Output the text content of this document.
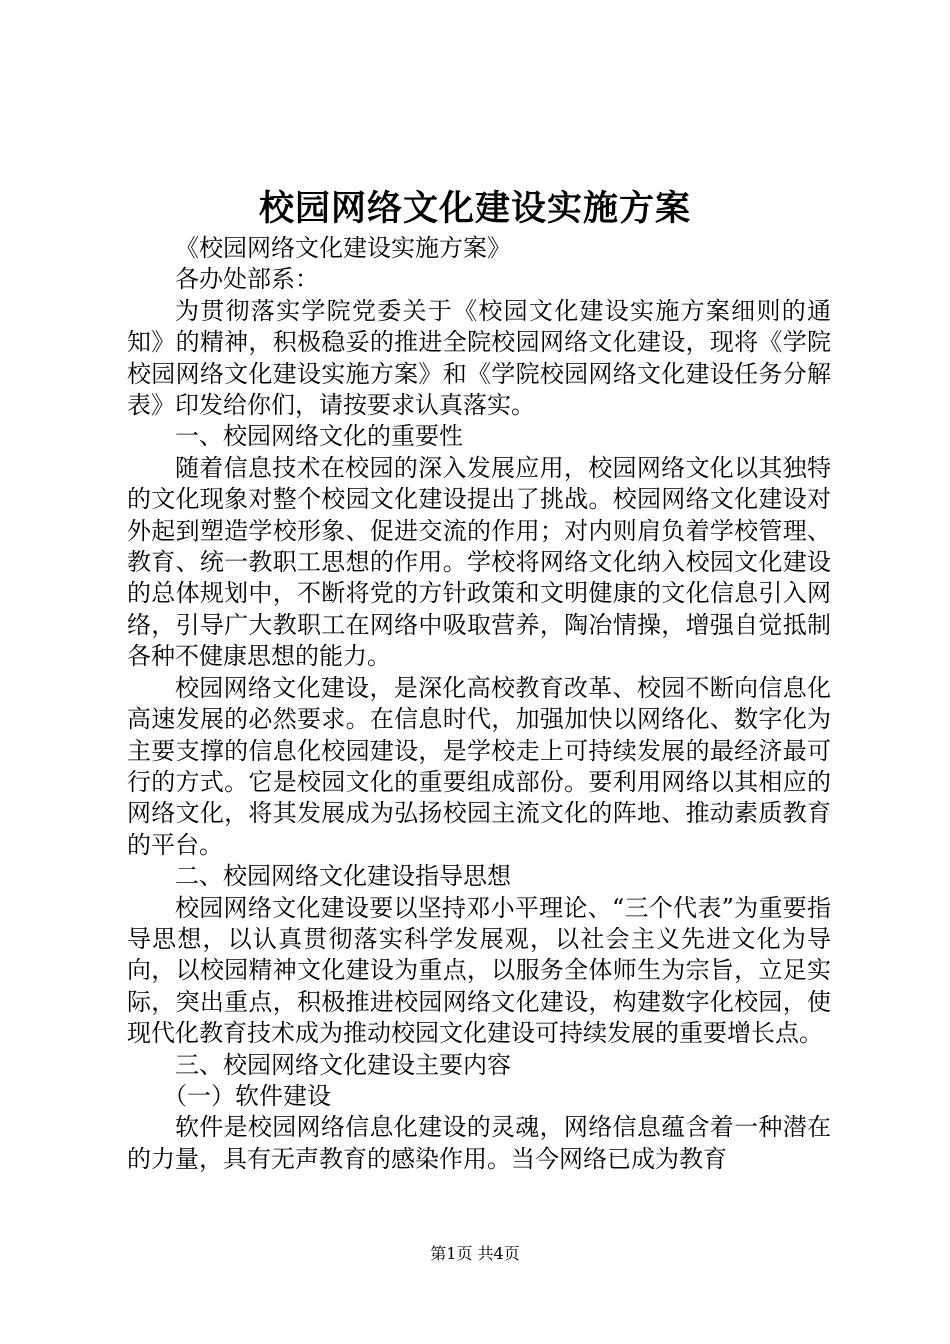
校园网络文化建设实施方案

《校园网络文化建设实施方案》

各办处部系：

为贯彻落实学院党委关于《校园文化建设实施方案细则的通知》的精神，积极稳妥的推进全院校园网络文化建设，现将《学院校园网络文化建设实施方案》和《学院校园网络文化建设任务分解表》印发给你们，请按要求认真落实。

一、校园网络文化的重要性

随着信息技术在校园的深入发展应用，校园网络文化以其独特的文化现象对整个校园文化建设提出了挑战。校园网络文化建设对外起到塑造学校形象、促进交流的作用；对内则肩负着学校管理、教育、统一教职工思想的作用。学校将网络文化纳入校园文化建设的总体规划中，不断将党的方针政策和文明健康的文化信息引入网络，引导广大教职工在网络中吸取营养，陶冶情操，增强自觉抵制各种不健康思想的能力。

校园网络文化建设，是深化高校教育改革、校园不断向信息化高速发展的必然要求。在信息时代，加强加快以网络化、数字化为主要支撑的信息化校园建设，是学校走上可持续发展的最经济最可行的方式。它是校园文化的重要组成部份。要利用网络以其相应的网络文化，将其发展成为弘扬校园主流文化的阵地、推动素质教育的平台。

二、校园网络文化建设指导思想

校园网络文化建设要以坚持邓小平理论、“三个代表”为重要指导思想，以认真贯彻落实科学发展观，以社会主义先进文化为导向，以校园精神文化建设为重点，以服务全体师生为宗旨，立足实际，突出重点，积极推进校园网络文化建设，构建数字化校园，使现代化教育技术成为推动校园文化建设可持续发展的重要增长点。

三、校园网络文化建设主要内容

（一）软件建设

软件是校园网络信息化建设的灵魂，网络信息蕴含着一种潜在的力量，具有无声教育的感染作用。当今网络已成为教育

第1页 共4页
